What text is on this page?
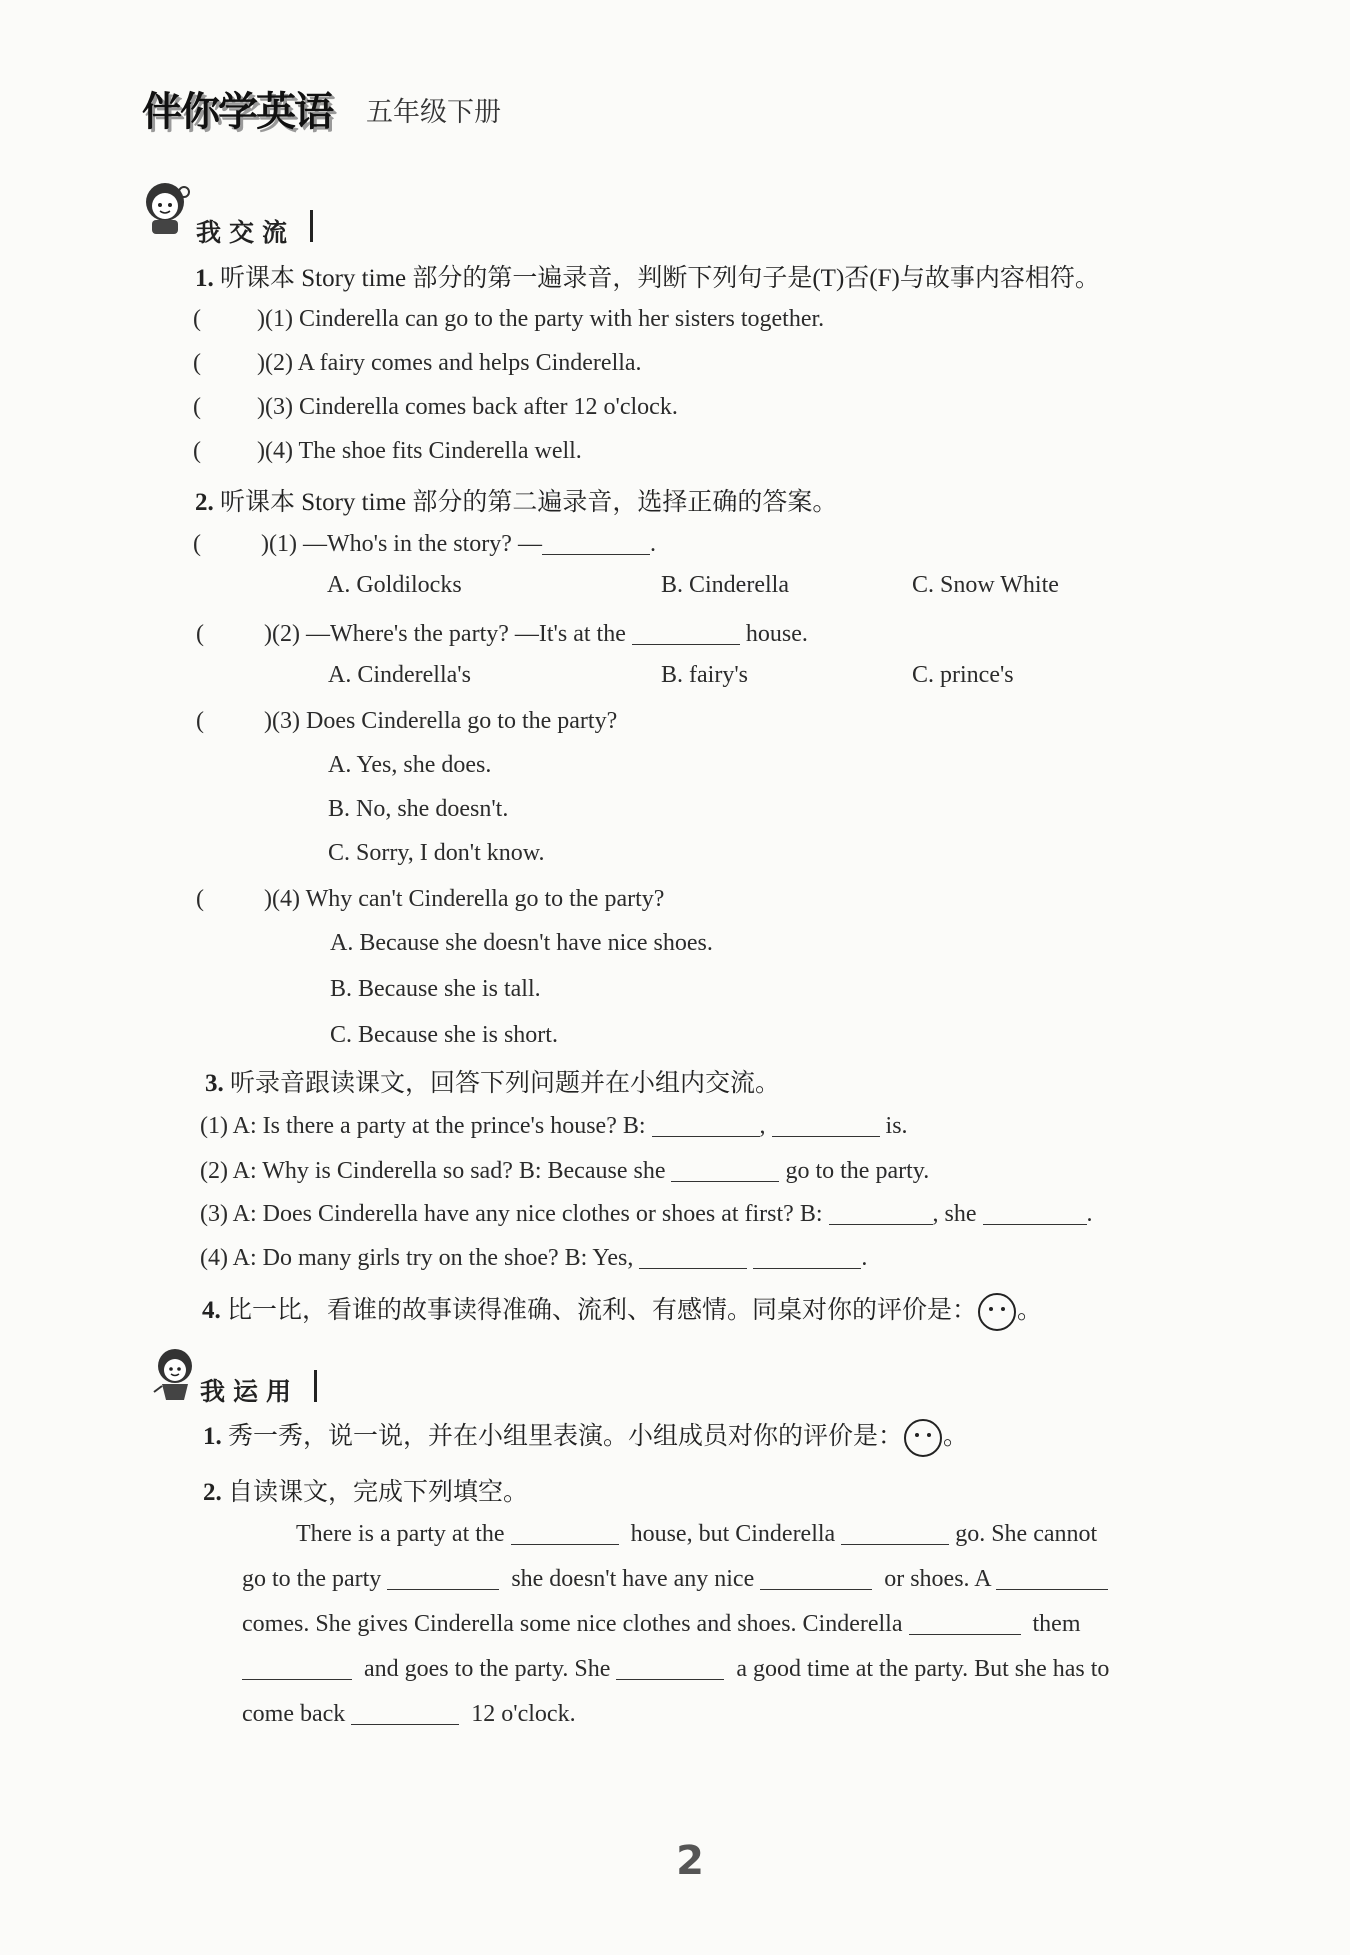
伴你学英语 五年级下册
我交流
1. 听课本 Story time 部分的第一遍录音，判断下列句子是(T)否(F)与故事内容相符。
( )(1) Cinderella can go to the party with her sisters together.
( )(2) A fairy comes and helps Cinderella.
( )(3) Cinderella comes back after 12 o'clock.
( )(4) The shoe fits Cinderella well.
2. 听课本 Story time 部分的第二遍录音，选择正确的答案。
(	)(1) —Who's in the story? —	.
A. Goldilocks	B. Cinderella	C. Snow White
(	)(2) —Where's the party? —It's at the	house.
A. Cinderella's	B. fairy's	C. prince's
(	)(3) Does Cinderella go to the party?
A. Yes, she does.
B. No, she doesn't.
C. Sorry, I don't know.
(	)(4) Why can't Cinderella go to the party?
A. Because she doesn't have nice shoes.
B. Because she is tall.
C. Because she is short.
3. 听录音跟读课文，回答下列问题并在小组内交流。
(1) A: Is there a party at the prince's house? B:	,	is.
(2) A: Why is Cinderella so sad? B: Because she	go to the party.
(3) A: Does Cinderella have any nice clothes or shoes at first? B:	, she	.
(4) A: Do many girls try on the shoe? B: Yes,	.
4. 比一比，看谁的故事读得准确、流利、有感情。同桌对你的评价是： 。
我运用
1. 秀一秀，说一说，并在小组里表演。小组成员对你的评价是： 。
2. 自读课文，完成下列填空。
There is a party at the	house, but Cinderella	go. She cannot
go to the party	she doesn't have any nice	or shoes. A
comes. She gives Cinderella some nice clothes and shoes. Cinderella	them
and goes to the party. She	a good time at the party. But she has to
come back	12 o'clock.
2
